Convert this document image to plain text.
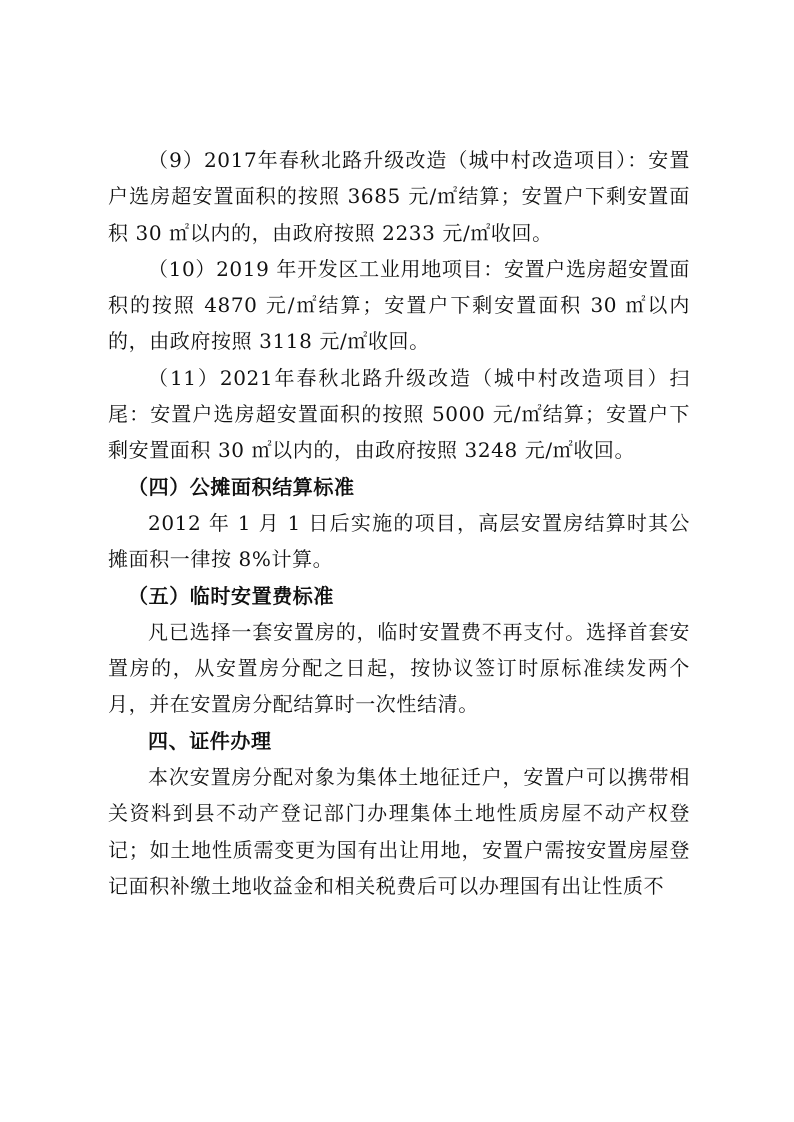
（9）2017年春秋北路升级改造（城中村改造项目）：安置户选房超安置面积的按照 3685 元/㎡结算；安置户下剩安置面积 30 ㎡以内的，由政府按照 2233 元/㎡收回。

（10）2019 年开发区工业用地项目：安置户选房超安置面积的按照 4870 元/㎡结算；安置户下剩安置面积 30 ㎡以内的，由政府按照 3118 元/㎡收回。

（11）2021年春秋北路升级改造（城中村改造项目）扫尾：安置户选房超安置面积的按照 5000 元/㎡结算；安置户下剩安置面积 30 ㎡以内的，由政府按照 3248 元/㎡收回。

（四）公摊面积结算标准

2012 年 1 月 1 日后实施的项目，高层安置房结算时其公摊面积一律按 8%计算。

（五）临时安置费标准

凡已选择一套安置房的，临时安置费不再支付。选择首套安置房的，从安置房分配之日起，按协议签订时原标准续发两个月，并在安置房分配结算时一次性结清。

四、证件办理

本次安置房分配对象为集体土地征迁户，安置户可以携带相关资料到县不动产登记部门办理集体土地性质房屋不动产权登记；如土地性质需变更为国有出让用地，安置户需按安置房屋登记面积补缴土地收益金和相关税费后可以办理国有出让性质不
